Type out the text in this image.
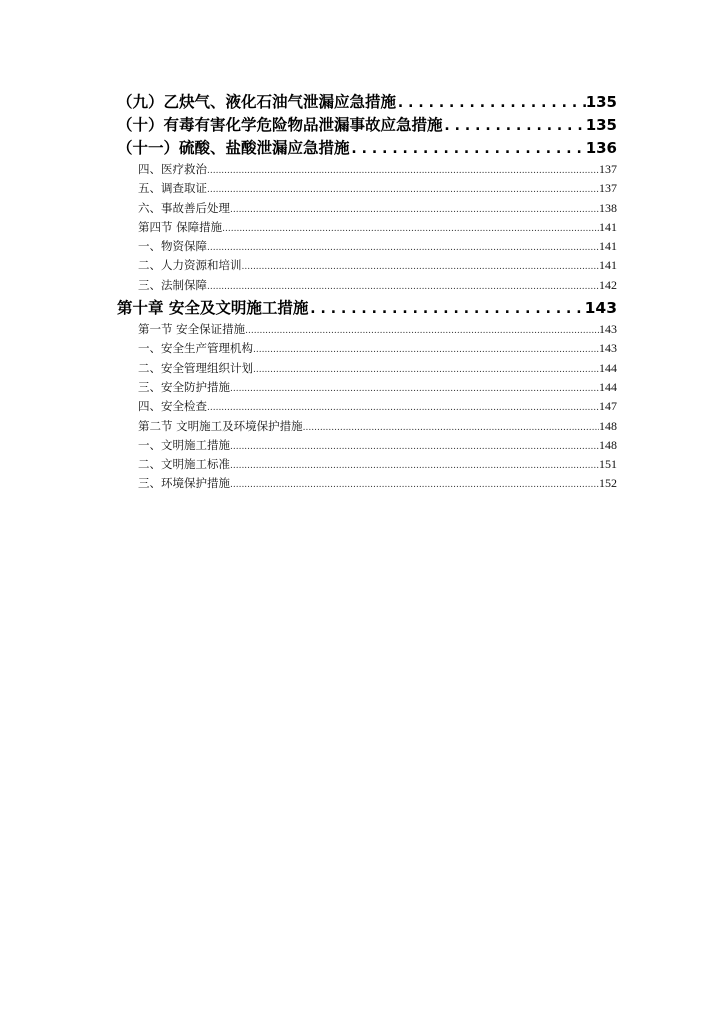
（九）乙炔气、液化石油气泄漏应急措施 .....	135
（十）有毒有害化学危险物品泄漏事故应急措施 .....	135
（十一）硫酸、盐酸泄漏应急措施 .....	136
四、医疗救治 .....	137
五、调查取证 .....	137
六、事故善后处理 .....	138
第四节 保障措施 .....	141
一、物资保障 .....	141
二、人力资源和培训 .....	141
三、法制保障 .....	142
第十章 安全及文明施工措施 .....	143
第一节 安全保证措施 .....	143
一、安全生产管理机构 .....	143
二、安全管理组织计划 .....	144
三、安全防护措施 .....	144
四、安全检查 .....	147
第二节 文明施工及环境保护措施 .....	148
一、文明施工措施 .....	148
二、文明施工标准 .....	151
三、环境保护措施 .....	152
